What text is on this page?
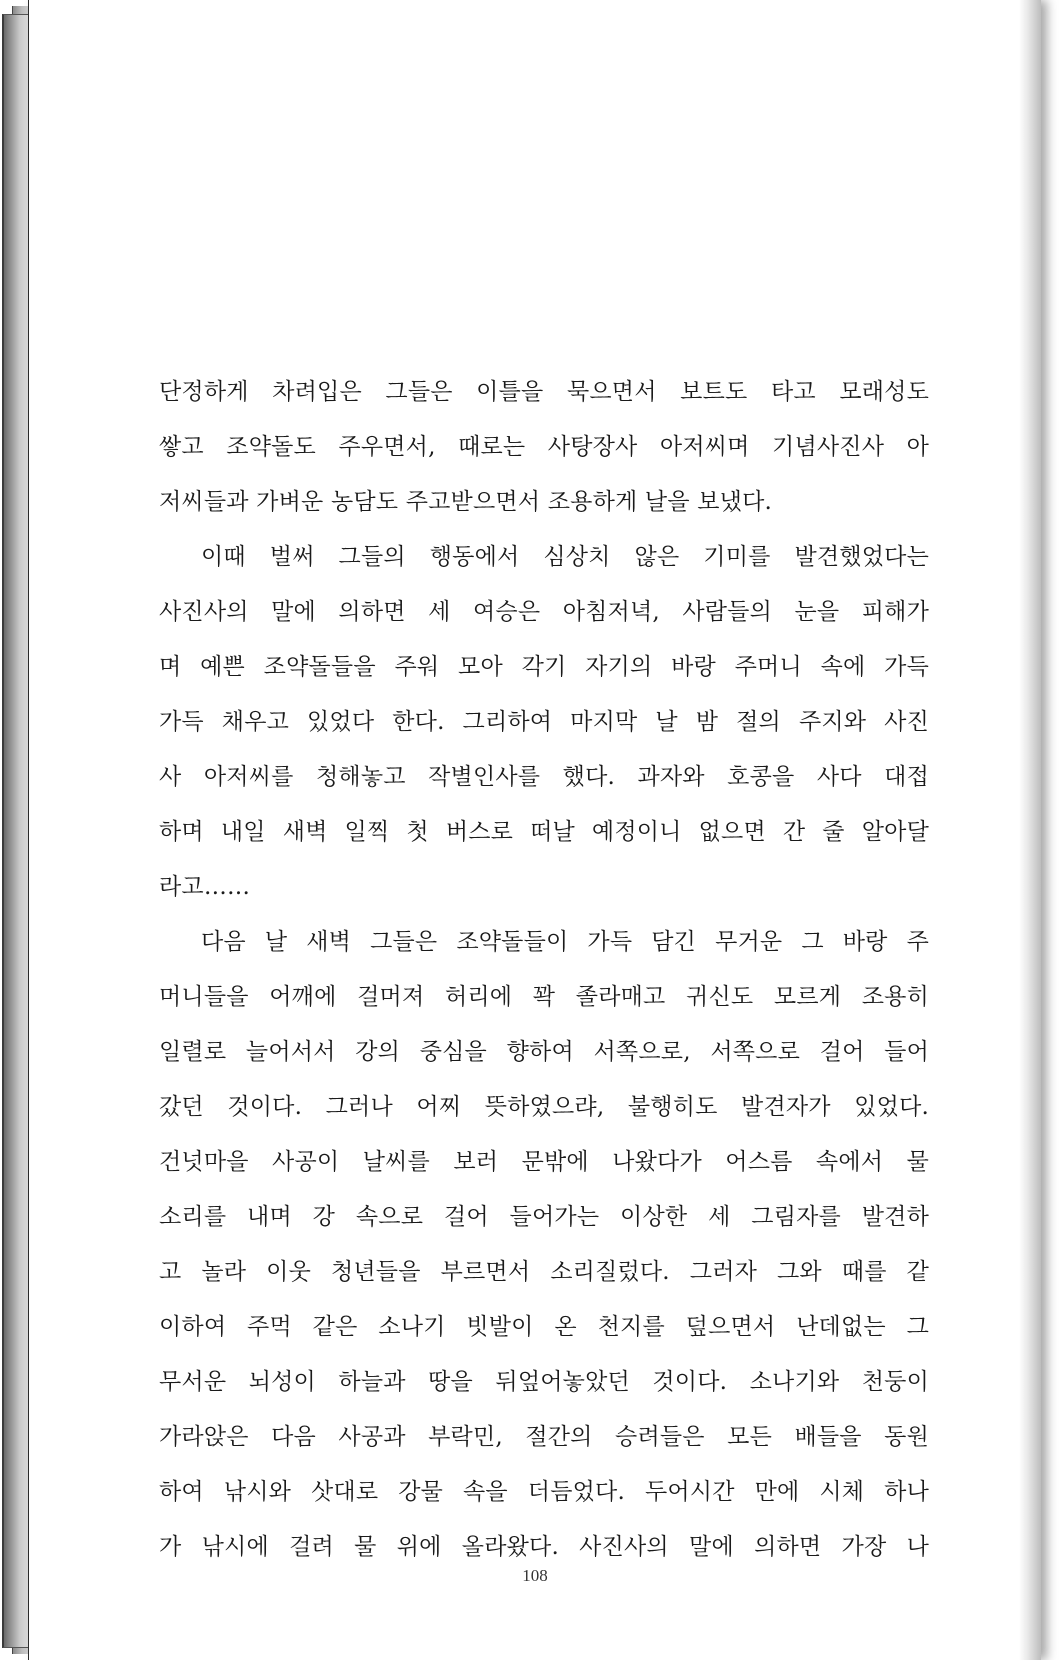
단정하게 차려입은 그들은 이틀을 묵으면서 보트도 타고 모래성도
쌓고 조약돌도 주우면서, 때로는 사탕장사 아저씨며 기념사진사 아
저씨들과 가벼운 농담도 주고받으면서 조용하게 날을 보냈다.
이때 벌써 그들의 행동에서 심상치 않은 기미를 발견했었다는
사진사의 말에 의하면 세 여승은 아침저녁, 사람들의 눈을 피해가
며 예쁜 조약돌들을 주워 모아 각기 자기의 바랑 주머니 속에 가득
가득 채우고 있었다 한다. 그리하여 마지막 날 밤 절의 주지와 사진
사 아저씨를 청해놓고 작별인사를 했다. 과자와 호콩을 사다 대접
하며 내일 새벽 일찍 첫 버스로 떠날 예정이니 없으면 간 줄 알아달
라고……
다음 날 새벽 그들은 조약돌들이 가득 담긴 무거운 그 바랑 주
머니들을 어깨에 걸머져 허리에 꽉 졸라매고 귀신도 모르게 조용히
일렬로 늘어서서 강의 중심을 향하여 서쪽으로, 서쪽으로 걸어 들어
갔던 것이다. 그러나 어찌 뜻하였으랴, 불행히도 발견자가 있었다.
건넛마을 사공이 날씨를 보러 문밖에 나왔다가 어스름 속에서 물
소리를 내며 강 속으로 걸어 들어가는 이상한 세 그림자를 발견하
고 놀라 이웃 청년들을 부르면서 소리질렀다. 그러자 그와 때를 같
이하여 주먹 같은 소나기 빗발이 온 천지를 덮으면서 난데없는 그
무서운 뇌성이 하늘과 땅을 뒤엎어놓았던 것이다. 소나기와 천둥이
가라앉은 다음 사공과 부락민, 절간의 승려들은 모든 배들을 동원
하여 낚시와 삿대로 강물 속을 더듬었다. 두어시간 만에 시체 하나
가 낚시에 걸려 물 위에 올라왔다. 사진사의 말에 의하면 가장 나
108
